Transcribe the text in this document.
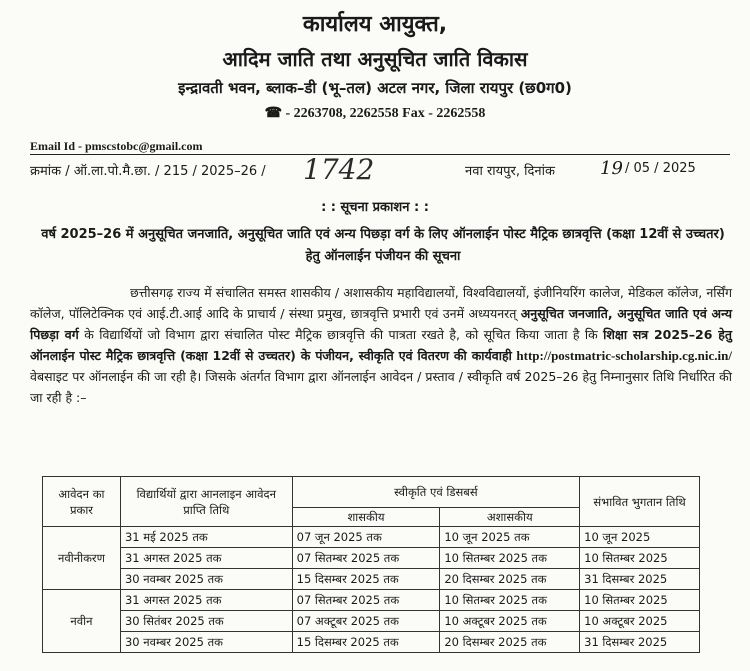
कार्यालय आयुक्त,
आदिम जाति तथा अनुसूचित जाति विकास
इन्द्रावती भवन, ब्लाक–डी (भू–तल) अटल नगर, जिला रायपुर (छ0ग0)
☎ - 2263708, 2262558 Fax - 2262558
Email Id - pmscstobc@gmail.com
क्रमांक / ऑ.ला.पो.मै.छा. / 215 / 2025–26 / 1742	नवा रायपुर, दिनांक	19 / 05 / 2025
: : सूचना प्रकाशन : :
वर्ष 2025–26 में अनुसूचित जनजाति, अनुसूचित जाति एवं अन्य पिछड़ा वर्ग के लिए ऑनलाईन पोस्ट मैट्रिक छात्रवृत्ति (कक्षा 12वीं से उच्चतर) हेतु ऑनलाईन पंजीयन की सूचना
छत्तीसगढ़ राज्य में संचालित समस्त शासकीय / अशासकीय महाविद्यालयों, विश्वविद्यालयों, इंजीनियरिंग कालेज, मेडिकल कॉलेज, नर्सिंग कॉलेज, पॉलिटेक्निक एवं आई.टी.आई आदि के प्राचार्य / संस्था प्रमुख, छात्रवृत्ति प्रभारी एवं उनमें अध्ययनरत् अनुसूचित जनजाति, अनुसूचित जाति एवं अन्य पिछड़ा वर्ग के विद्यार्थियों जो विभाग द्वारा संचालित पोस्ट मैट्रिक छात्रवृत्ति की पात्रता रखते है, को सूचित किया जाता है कि शिक्षा सत्र 2025–26 हेतु ऑनलाईन पोस्ट मैट्रिक छात्रवृत्ति (कक्षा 12वीं से उच्चतर) के पंजीयन, स्वीकृति एवं वितरण की कार्यवाही http://postmatric-scholarship.cg.nic.in/ वेबसाइट पर ऑनलाईन की जा रही है। जिसके अंतर्गत विभाग द्वारा ऑनलाईन आवेदन / प्रस्ताव / स्वीकृति वर्ष 2025–26 हेतु निम्नानुसार तिथि निर्धारित की जा रही है :–
आवेदन का प्रकार	विद्यार्थियों द्वारा आनलाइन आवेदन प्राप्ति तिथि	स्वीकृति एवं डिसबर्स		संभावित भुगतान तिथि
		शासकीय	अशासकीय	
नवीनीकरण	31 मई 2025 तक	07 जून 2025 तक	10 जून 2025 तक	10 जून 2025
	31 अगस्त 2025 तक	07 सितम्बर 2025 तक	10 सितम्बर 2025 तक	10 सितम्बर 2025
	30 नवम्बर 2025 तक	15 दिसम्बर 2025 तक	20 दिसम्बर 2025 तक	31 दिसम्बर 2025
नवीन	31 अगस्त 2025 तक	07 सितम्बर 2025 तक	10 सितम्बर 2025 तक	10 सितम्बर 2025
	30 सितंबर 2025 तक	07 अक्टूबर 2025 तक	10 अक्टूबर 2025 तक	10 अक्टूबर 2025
	30 नवम्बर 2025 तक	15 दिसम्बर 2025 तक	20 दिसम्बर 2025 तक	31 दिसम्बर 2025
